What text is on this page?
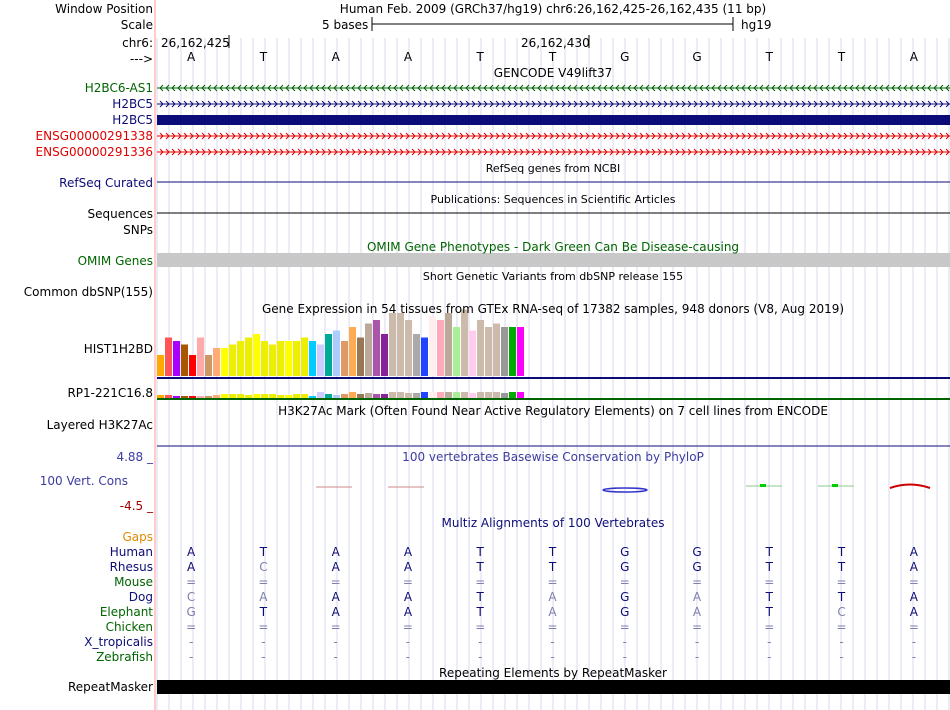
Window Position
Scale
chr6:
--->
Human Feb. 2009 (GRCh37/hg19) chr6:26,162,425-26,162,435 (11 bp)
5 bases	hg19
26,162,425	26,162,430
A	T	A	A	T	T	G	G	T	T	A
GENCODE V49lift37
H2BC6-AS1
H2BC5
H2BC5
ENSG00000291338
ENSG00000291336
RefSeq genes from NCBI
RefSeq Curated
Publications: Sequences in Scientific Articles
Sequences
SNPs
OMIM Gene Phenotypes - Dark Green Can Be Disease-causing
OMIM Genes
Short Genetic Variants from dbSNP release 155
Common dbSNP(155)
Gene Expression in 54 tissues from GTEx RNA-seq of 17382 samples, 948 donors (V8, Aug 2019)
HIST1H2BD
RP1-221C16.8
H3K27Ac Mark (Often Found Near Active Regulatory Elements) on 7 cell lines from ENCODE
Layered H3K27Ac
100 vertebrates Basewise Conservation by PhyloP
4.88 _
100 Vert. Cons
-4.5 _
Multiz Alignments of 100 Vertebrates
Gaps
Human	A	T	A	A	T	T	G	G	T	T	A
Rhesus	A	C	A	A	T	T	G	G	T	T	A
Mouse	=	=	=	=	=	=	=	=	=	=	=
Dog	C	A	A	A	T	A	G	A	T	T	A
Elephant	G	T	A	A	T	A	G	A	T	C	A
Chicken	=	=	=	=	=	=	=	=	=	=	=
X_tropicalis	-	-	-	-	-	-	-	-	-	-	-
Zebrafish	-	-	-	-	-	-	-	-	-	-	-
Repeating Elements by RepeatMasker
RepeatMasker
